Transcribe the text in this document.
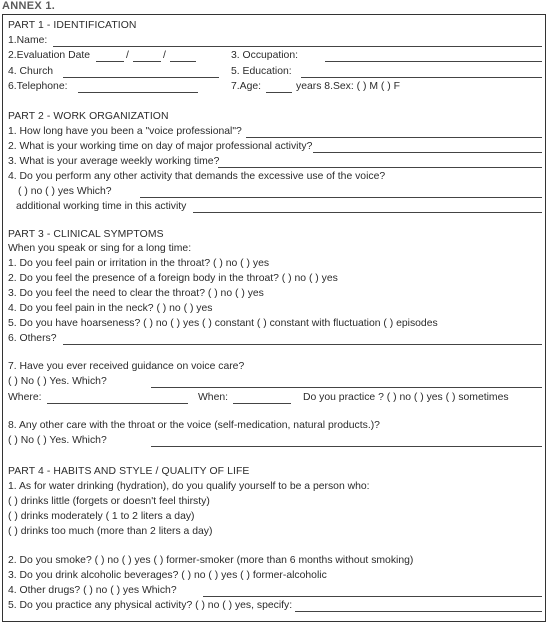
ANNEX 1.
PART 1 - IDENTIFICATION
1.Name:
2.Evaluation Date	/	/	3. Occupation:
4. Church	5. Education:
6.Telephone:	7.Age:	years 8.Sex: ( ) M ( ) F
PART 2 - WORK ORGANIZATION
1. How long have you been a "voice professional"?
2. What is your working time on day of major professional activity?
3. What is your average weekly working time?
4. Do you perform any other activity that demands the excessive use of the voice?
( ) no ( ) yes Which?
additional working time in this activity
PART 3 - CLINICAL SYMPTOMS
When you speak or sing for a long time:
1. Do you feel pain or irritation in the throat? ( ) no ( ) yes
2. Do you feel the presence of a foreign body in the throat? ( ) no ( ) yes
3. Do you feel the need to clear the throat? ( ) no ( ) yes
4. Do you feel pain in the neck? ( ) no ( ) yes
5. Do you have hoarseness? ( ) no ( ) yes ( ) constant ( ) constant with fluctuation ( ) episodes
6. Others?
7. Have you ever received guidance on voice care?
( ) No ( ) Yes. Which?
Where:	When:	Do you practice ? ( ) no ( ) yes ( ) sometimes
8. Any other care with the throat or the voice (self-medication, natural products.)?
( ) No ( ) Yes. Which?
PART 4 - HABITS AND STYLE / QUALITY OF LIFE
1. As for water drinking (hydration), do you qualify yourself to be a person who:
( ) drinks little (forgets or doesn't feel thirsty)
( ) drinks moderately ( 1 to 2 liters a day)
( ) drinks too much (more than 2 liters a day)
2. Do you smoke? ( ) no ( ) yes ( ) former-smoker (more than 6 months without smoking)
3. Do you drink alcoholic beverages? ( ) no ( ) yes ( ) former-alcoholic
4. Other drugs? ( ) no ( ) yes Which?
5. Do you practice any physical activity? ( ) no ( ) yes, specify:
